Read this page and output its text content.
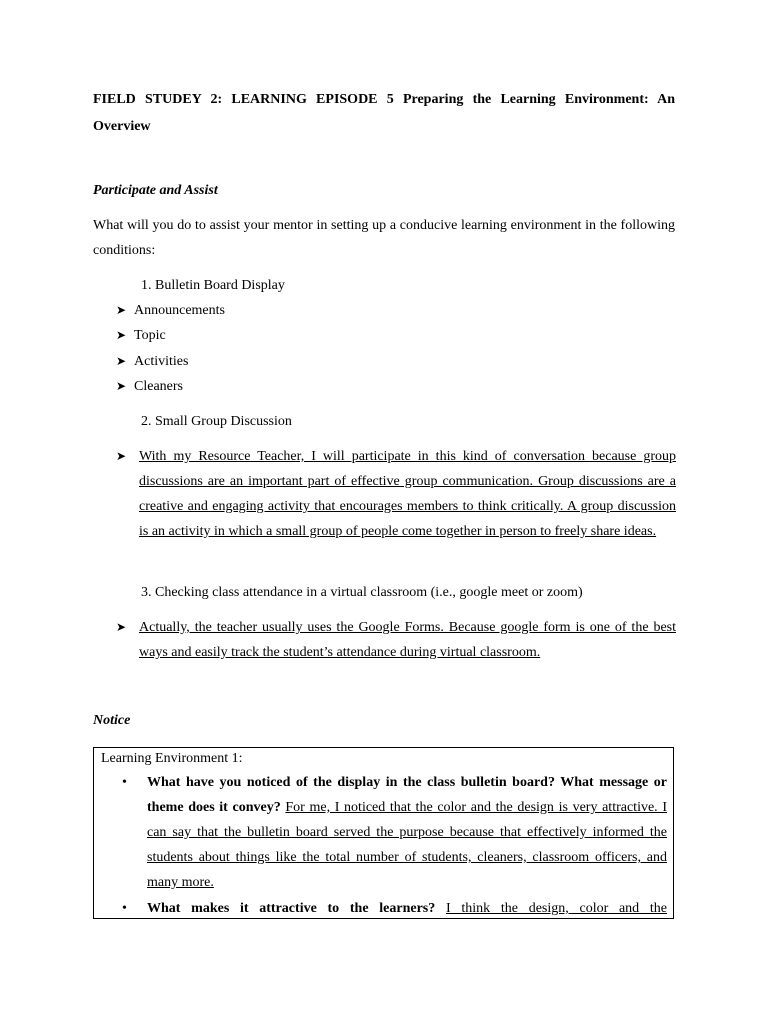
FIELD STUDEY 2: LEARNING EPISODE 5 Preparing the Learning Environment: An Overview
Participate and Assist
What will you do to assist your mentor in setting up a conducive learning environment in the following conditions:
1. Bulletin Board Display
➤ Announcements
➤ Topic
➤ Activities
➤ Cleaners
2. Small Group Discussion
➤ With my Resource Teacher, I will participate in this kind of conversation because group discussions are an important part of effective group communication. Group discussions are a creative and engaging activity that encourages members to think critically. A group discussion is an activity in which a small group of people come together in person to freely share ideas.
3. Checking class attendance in a virtual classroom (i.e., google meet or zoom)
➤ Actually, the teacher usually uses the Google Forms. Because google form is one of the best ways and easily track the student’s attendance during virtual classroom.
Notice
Learning Environment 1:
• What have you noticed of the display in the class bulletin board? What message or theme does it convey? For me, I noticed that the color and the design is very attractive. I can say that the bulletin board served the purpose because that effectively informed the students about things like the total number of students, cleaners, classroom officers, and many more.
• What makes it attractive to the learners? I think the design, color and the
